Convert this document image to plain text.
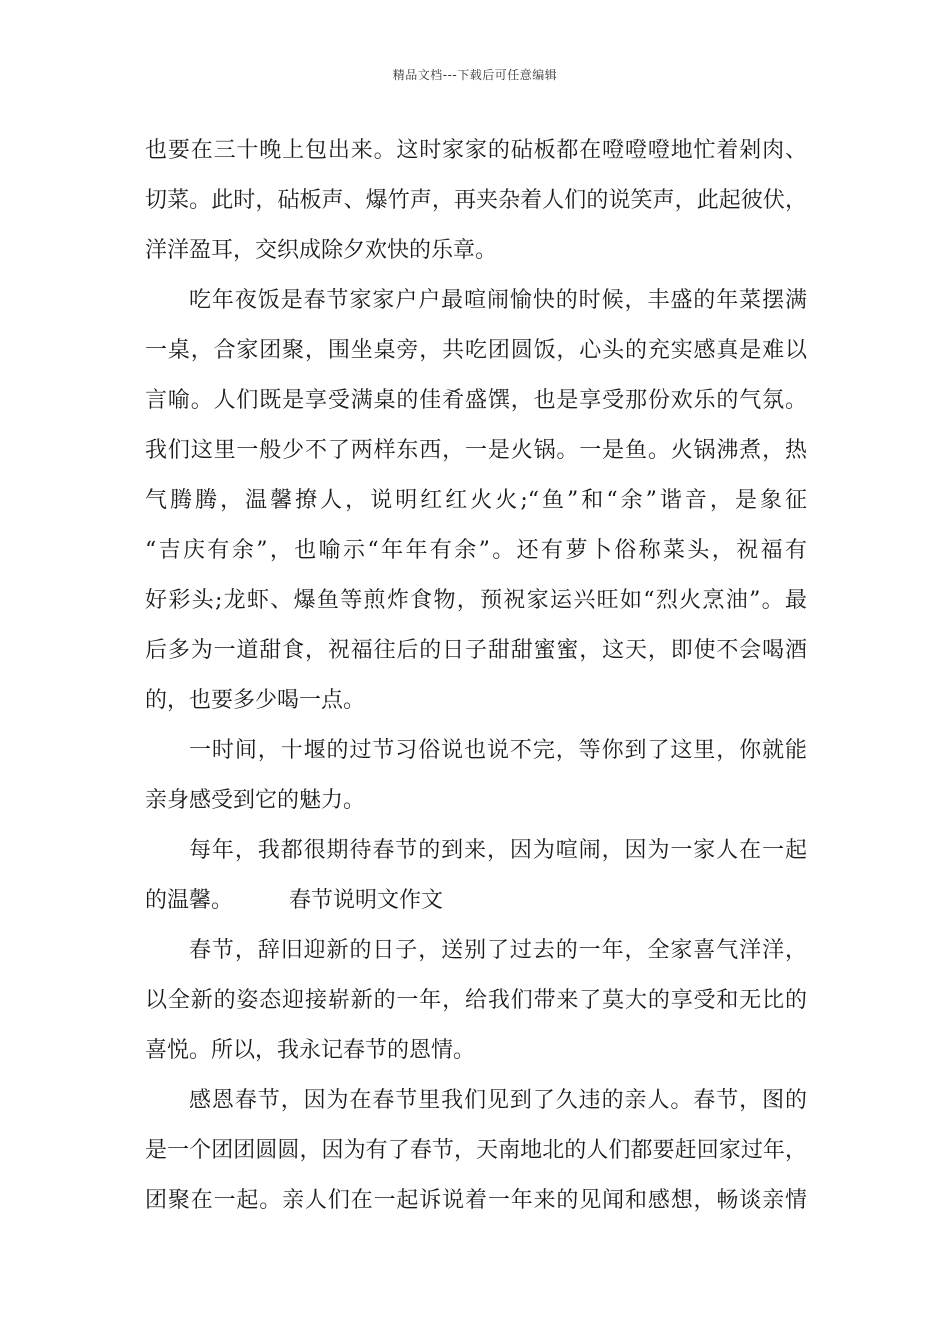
精品文档---下载后可任意编辑
也要在三十晚上包出来。这时家家的砧板都在噔噔噔地忙着剁肉、
切菜。此时，砧板声、爆竹声，再夹杂着人们的说笑声，此起彼伏，
洋洋盈耳，交织成除夕欢快的乐章。
吃年夜饭是春节家家户户最喧闹愉快的时候，丰盛的年菜摆满
一桌，合家团聚，围坐桌旁，共吃团圆饭，心头的充实感真是难以
言喻。人们既是享受满桌的佳肴盛馔，也是享受那份欢乐的气氛。
我们这里一般少不了两样东西，一是火锅。一是鱼。火锅沸煮，热
气腾腾，温馨撩人，说明红红火火;“鱼”和“余”谐音，是象征
“吉庆有余”，也喻示“年年有余”。还有萝卜俗称菜头，祝福有
好彩头;龙虾、爆鱼等煎炸食物，预祝家运兴旺如“烈火烹油”。最
后多为一道甜食，祝福往后的日子甜甜蜜蜜，这天，即使不会喝酒
的，也要多少喝一点。
一时间，十堰的过节习俗说也说不完，等你到了这里，你就能
亲身感受到它的魅力。
每年，我都很期待春节的到来，因为喧闹，因为一家人在一起
的温馨。	春节说明文作文
春节，辞旧迎新的日子，送别了过去的一年，全家喜气洋洋，
以全新的姿态迎接崭新的一年，给我们带来了莫大的享受和无比的
喜悦。所以，我永记春节的恩情。
感恩春节，因为在春节里我们见到了久违的亲人。春节，图的
是一个团团圆圆，因为有了春节，天南地北的人们都要赶回家过年，
团聚在一起。亲人们在一起诉说着一年来的见闻和感想，畅谈亲情
